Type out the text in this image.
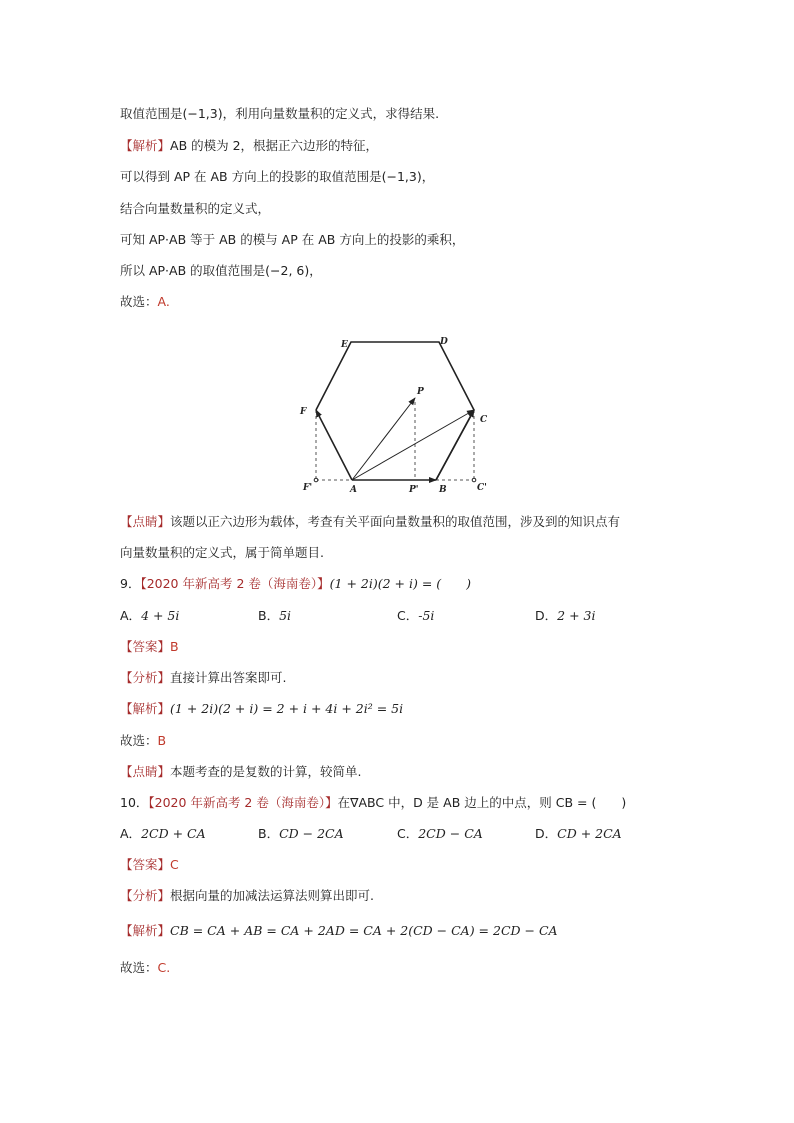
取值范围是(−1,3)，利用向量数量积的定义式，求得结果.
【解析】AB 的模为 2，根据正六边形的特征，
可以得到 AP 在 AB 方向上的投影的取值范围是(−1,3)，
结合向量数量积的定义式，
可知 AP·AB 等于 AB 的模与 AP 在 AB 方向上的投影的乘积，
所以 AP·AB 的取值范围是(−2, 6)，
故选：A.
E	D
P
F
C
F'	A	P' B	C'
【点睛】该题以正六边形为载体，考查有关平面向量数量积的取值范围，涉及到的知识点有
向量数量积的定义式，属于简单题目.
9．【2020 年新高考 2 卷（海南卷）】(1 + 2i)(2 + i) = (　　)
A．4 + 5i	B．5i	C．-5i	D．2 + 3i
【答案】B
【分析】直接计算出答案即可.
【解析】(1 + 2i)(2 + i) = 2 + i + 4i + 2i² = 5i
故选：B
【点睛】本题考查的是复数的计算，较简单.
10．【2020 年新高考 2 卷（海南卷）】在∇ABC 中，D 是 AB 边上的中点，则 CB = (　　)
A．2CD + CA	B．CD − 2CA	C．2CD − CA	D．CD + 2CA
【答案】C
【分析】根据向量的加减法运算法则算出即可.
【解析】CB = CA + AB = CA + 2AD = CA + 2(CD − CA) = 2CD − CA
故选：C.
